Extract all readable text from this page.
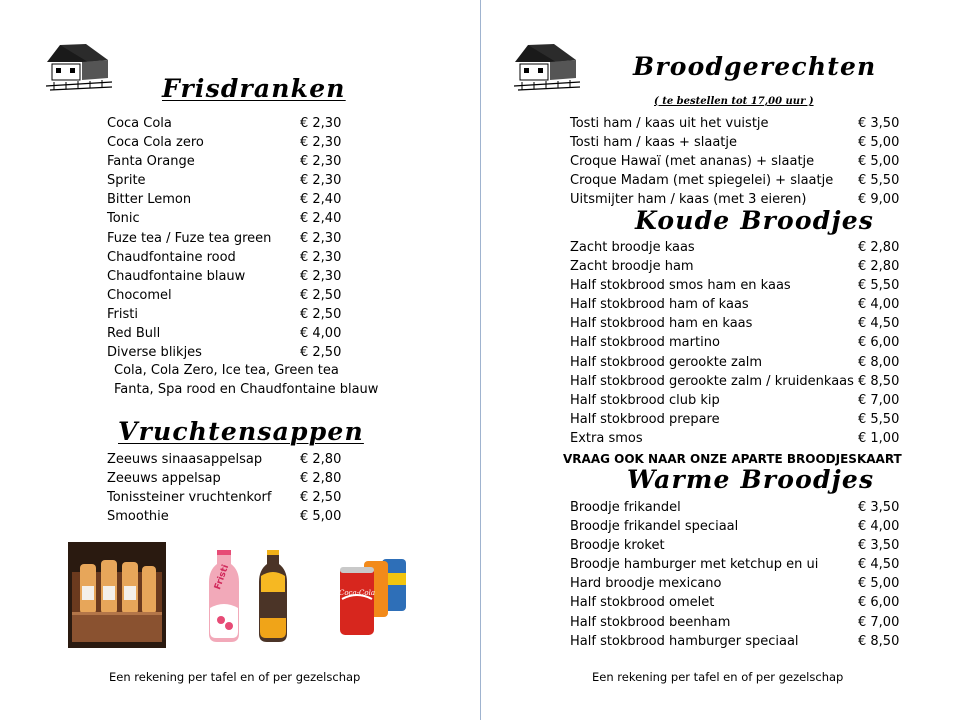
Frisdranken
Coca Cola	€ 2,30
Coca Cola zero	€ 2,30
Fanta Orange	€ 2,30
Sprite	€ 2,30
Bitter Lemon	€ 2,40
Tonic	€ 2,40
Fuze tea / Fuze tea green € 2,30
Chaudfontaine rood	€ 2,30
Chaudfontaine blauw	€ 2,30
Chocomel	€ 2,50
Fristi	€ 2,50
Red Bull	€ 4,00
Diverse blikjes	€ 2,50
Cola, Cola Zero, Ice tea, Green tea
Fanta, Spa rood en Chaudfontaine blauw
Vruchtensappen
Zeeuws sinaasappelsap	€ 2,80
Zeeuws appelsap	€ 2,80
Tonissteiner vruchtenkorf € 2,50
Smoothie	€ 5,00
Fristi
Coca-Cola
Een rekening per tafel en of per gezelschap
Broodgerechten
( te bestellen tot 17,00 uur )
Tosti ham / kaas uit het vuistje	€ 3,50
Tosti ham / kaas + slaatje	€ 5,00
Croque Hawaï (met ananas) + slaatje	€ 5,00
Croque Madam (met spiegelei) + slaatje € 5,50
Uitsmijter ham / kaas (met 3 eieren)	€ 9,00
Koude Broodjes
Zacht broodje kaas	€ 2,80
Zacht broodje ham	€ 2,80
Half stokbrood smos ham en kaas	€ 5,50
Half stokbrood ham of kaas	€ 4,00
Half stokbrood ham en kaas	€ 4,50
Half stokbrood martino	€ 6,00
Half stokbrood gerookte zalm	€ 8,00
Half stokbrood gerookte zalm / kruidenkaas € 8,50
Half stokbrood club kip	€ 7,00
Half stokbrood prepare	€ 5,50
Extra smos	€ 1,00
VRAAG OOK NAAR ONZE APARTE BROODJESKAART
Warme Broodjes
Broodje frikandel	€ 3,50
Broodje frikandel speciaal	€ 4,00
Broodje kroket	€ 3,50
Broodje hamburger met ketchup en ui	€ 4,50
Hard broodje mexicano	€ 5,00
Half stokbrood omelet	€ 6,00
Half stokbrood beenham	€ 7,00
Half stokbrood hamburger speciaal	€ 8,50
Een rekening per tafel en of per gezelschap
